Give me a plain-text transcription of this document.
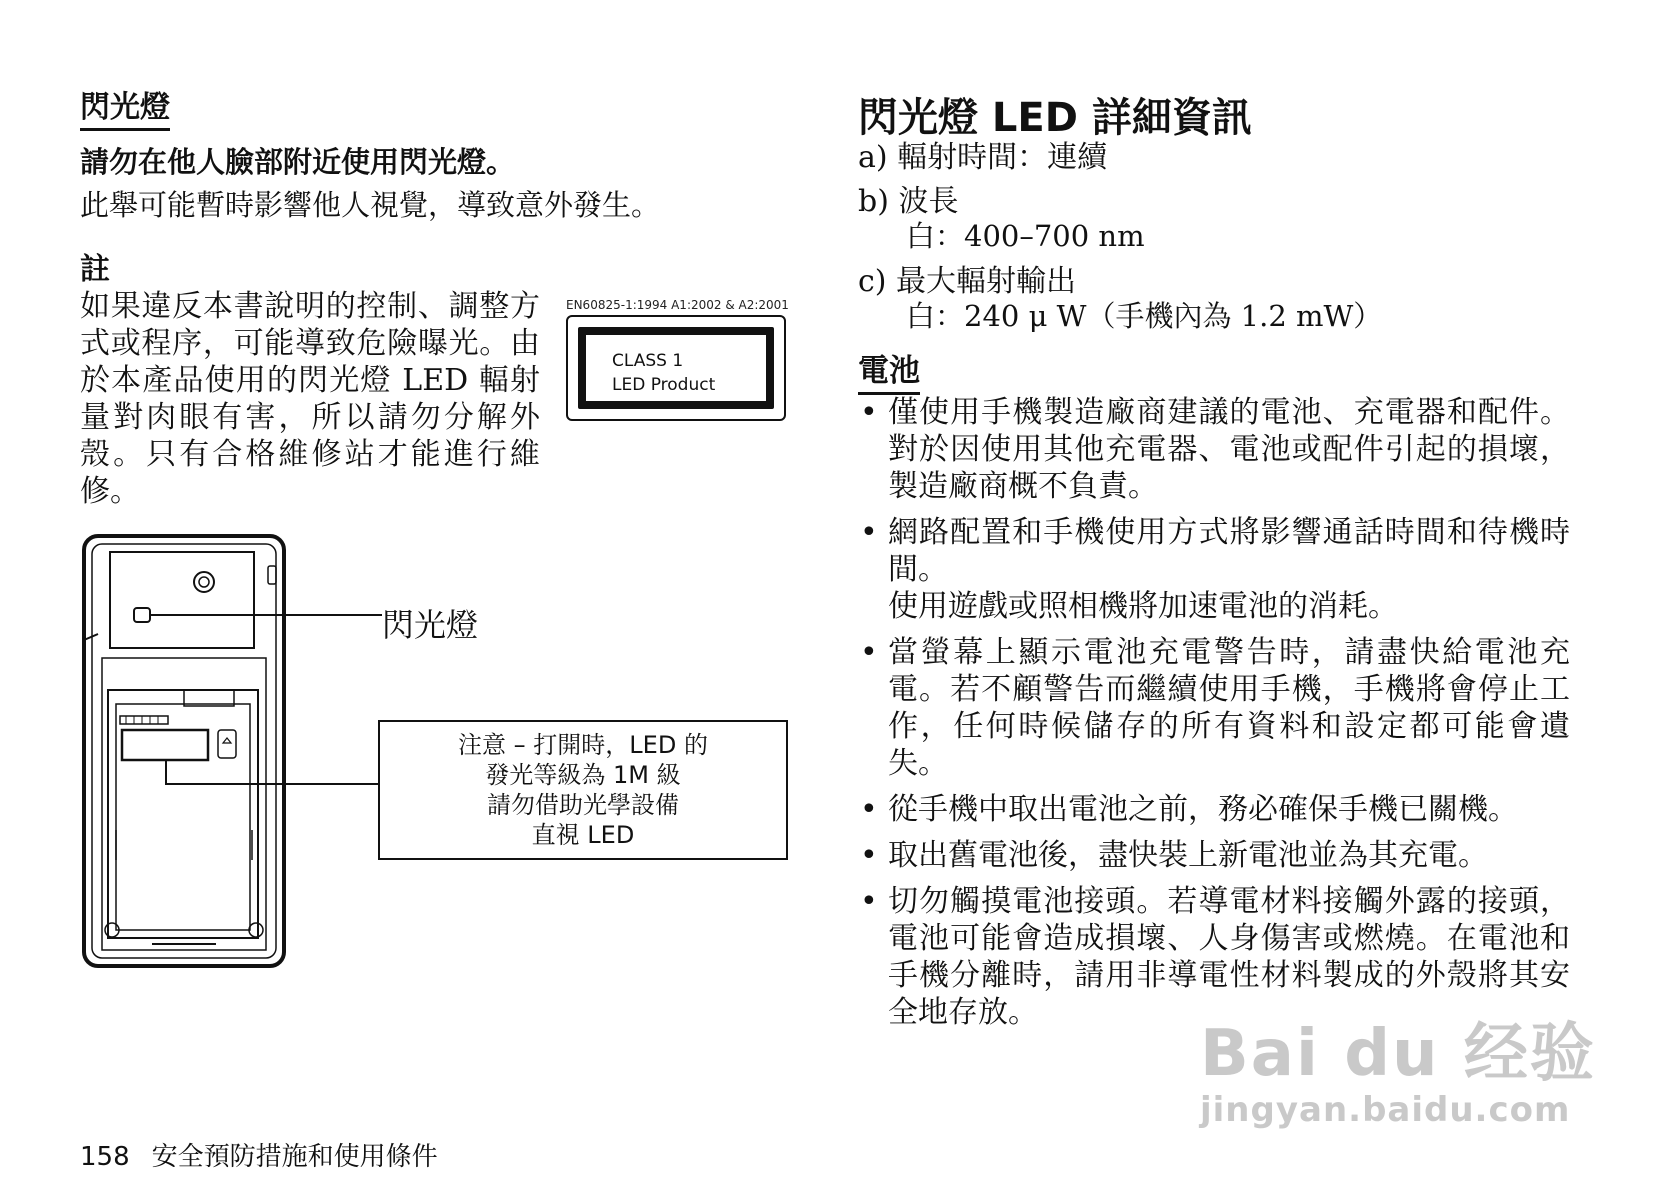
閃光燈
請勿在他人臉部附近使用閃光燈。
此舉可能暫時影響他人視覺，導致意外發生。
註
如果違反本書說明的控制、調整方式或程序，可能導致危險曝光。由於本產品使用的閃光燈 LED 輻射量對肉眼有害，所以請勿分解外殼。只有合格維修站才能進行維修。
EN60825-1:1994 A1:2002 & A2:2001
CLASS 1
LED Product
閃光燈
注意 – 打開時，LED 的
發光等級為 1M 級
請勿借助光學設備
直視 LED
158 安全預防措施和使用條件
閃光燈 LED 詳細資訊
a) 輻射時間：連續
b) 波長
白：400–700 nm
c) 最大輻射輸出
白：240 μ W（手機內為 1.2 mW）
電池
• 僅使用手機製造廠商建議的電池、充電器和配件。對於因使用其他充電器、電池或配件引起的損壞，製造廠商概不負責。
• 網路配置和手機使用方式將影響通話時間和待機時間。
使用遊戲或照相機將加速電池的消耗。
• 當螢幕上顯示電池充電警告時，請盡快給電池充電。若不顧警告而繼續使用手機，手機將會停止工作，任何時候儲存的所有資料和設定都可能會遺失。
• 從手機中取出電池之前，務必確保手機已關機。
• 取出舊電池後，盡快裝上新電池並為其充電。
• 切勿觸摸電池接頭。若導電材料接觸外露的接頭，電池可能會造成損壞、人身傷害或燃燒。在電池和手機分離時，請用非導電性材料製成的外殼將其安全地存放。
Bai du 经验
jingyan.baidu.com
